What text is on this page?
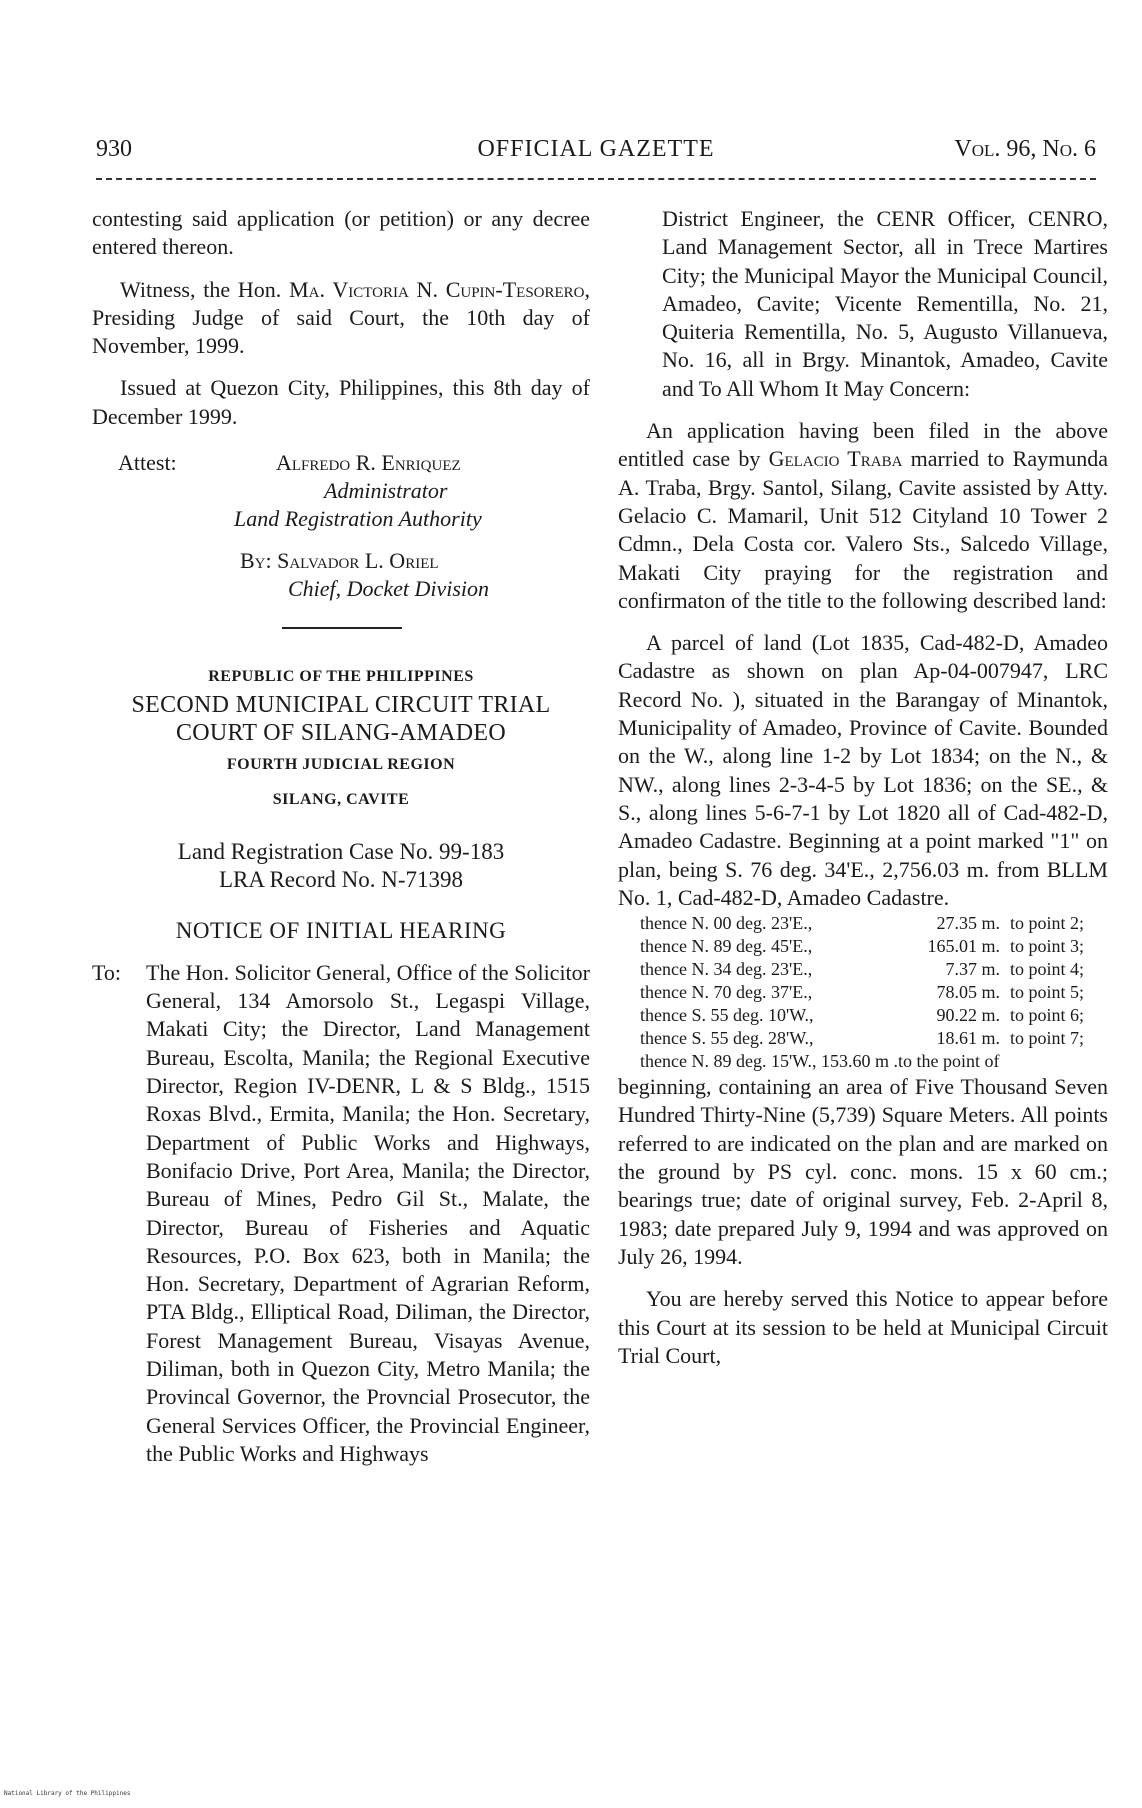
930	OFFICIAL GAZETTE	Vol. 96, No. 6

contesting said application (or petition) or any decree entered thereon.

Witness, the Hon. Ma. Victoria N. Cupin-Tesorero, Presiding Judge of said Court, the 10th day of November, 1999.

Issued at Quezon City, Philippines, this 8th day of December 1999.

Attest:	Alfredo R. Enriquez
Administrator
Land Registration Authority
By: Salvador L. Oriel
Chief, Docket Division
REPUBLIC OF THE PHILIPPINES
SECOND MUNICIPAL CIRCUIT TRIAL
COURT OF SILANG-AMADEO
FOURTH JUDICIAL REGION
SILANG, CAVITE
Land Registration Case No. 99-183
LRA Record No. N-71398
NOTICE OF INITIAL HEARING
To:	The Hon. Solicitor General, Office of the Solicitor General, 134 Amorsolo St., Legaspi Village, Makati City; the Director, Land Management Bureau, Escolta, Manila; the Regional Executive Director, Region IV-DENR, L & S Bldg., 1515 Roxas Blvd., Ermita, Manila; the Hon. Secretary, Department of Public Works and Highways, Bonifacio Drive, Port Area, Manila; the Director, Bureau of Mines, Pedro Gil St., Malate, the Director, Bureau of Fisheries and Aquatic Resources, P.O. Box 623, both in Manila; the Hon. Secretary, Department of Agrarian Reform, PTA Bldg., Elliptical Road, Diliman, the Director, Forest Management Bureau, Visayas Avenue, Diliman, both in Quezon City, Metro Manila; the Provincal Governor, the Provncial Prosecutor, the General Services Officer, the Provincial Engineer, the Public Works and Highways

District Engineer, the CENR Officer, CENRO, Land Management Sector, all in Trece Martires City; the Municipal Mayor the Municipal Council, Amadeo, Cavite; Vicente Rementilla, No. 21, Quiteria Rementilla, No. 5, Augusto Villanueva, No. 16, all in Brgy. Minantok, Amadeo, Cavite and To All Whom It May Concern:

An application having been filed in the above entitled case by Gelacio Traba married to Raymunda A. Traba, Brgy. Santol, Silang, Cavite assisted by Atty. Gelacio C. Mamaril, Unit 512 Cityland 10 Tower 2 Cdmn., Dela Costa cor. Valero Sts., Salcedo Village, Makati City praying for the registration and confirmaton of the title to the following described land:

A parcel of land (Lot 1835, Cad-482-D, Amadeo Cadastre as shown on plan Ap-04-007947, LRC Record No. ), situated in the Barangay of Minantok, Municipality of Amadeo, Province of Cavite. Bounded on the W., along line 1-2 by Lot 1834; on the N., & NW., along lines 2-3-4-5 by Lot 1836; on the SE., & S., along lines 5-6-7-1 by Lot 1820 all of Cad-482-D, Amadeo Cadastre. Beginning at a point marked "1" on plan, being S. 76 deg. 34'E., 2,756.03 m. from BLLM No. 1, Cad-482-D, Amadeo Cadastre.

thence N. 00 deg. 23'E.,	27.35 m. to point 2;
thence N. 89 deg. 45'E.,	165.01 m. to point 3;
thence N. 34 deg. 23'E.,	7.37 m. to point 4;
thence N. 70 deg. 37'E.,	78.05 m. to point 5;
thence S. 55 deg. 10'W.,	90.22 m. to point 6;
thence S. 55 deg. 28'W.,	18.61 m. to point 7;
thence N. 89 deg. 15'W., 153.60 m .to the point of

beginning, containing an area of Five Thousand Seven Hundred Thirty-Nine (5,739) Square Meters. All points referred to are indicated on the plan and are marked on the ground by PS cyl. conc. mons. 15 x 60 cm.; bearings true; date of original survey, Feb. 2-April 8, 1983; date prepared July 9, 1994 and was approved on July 26, 1994.

You are hereby served this Notice to appear before this Court at its session to be held at Municipal Circuit Trial Court,

National Library of the Philippines
